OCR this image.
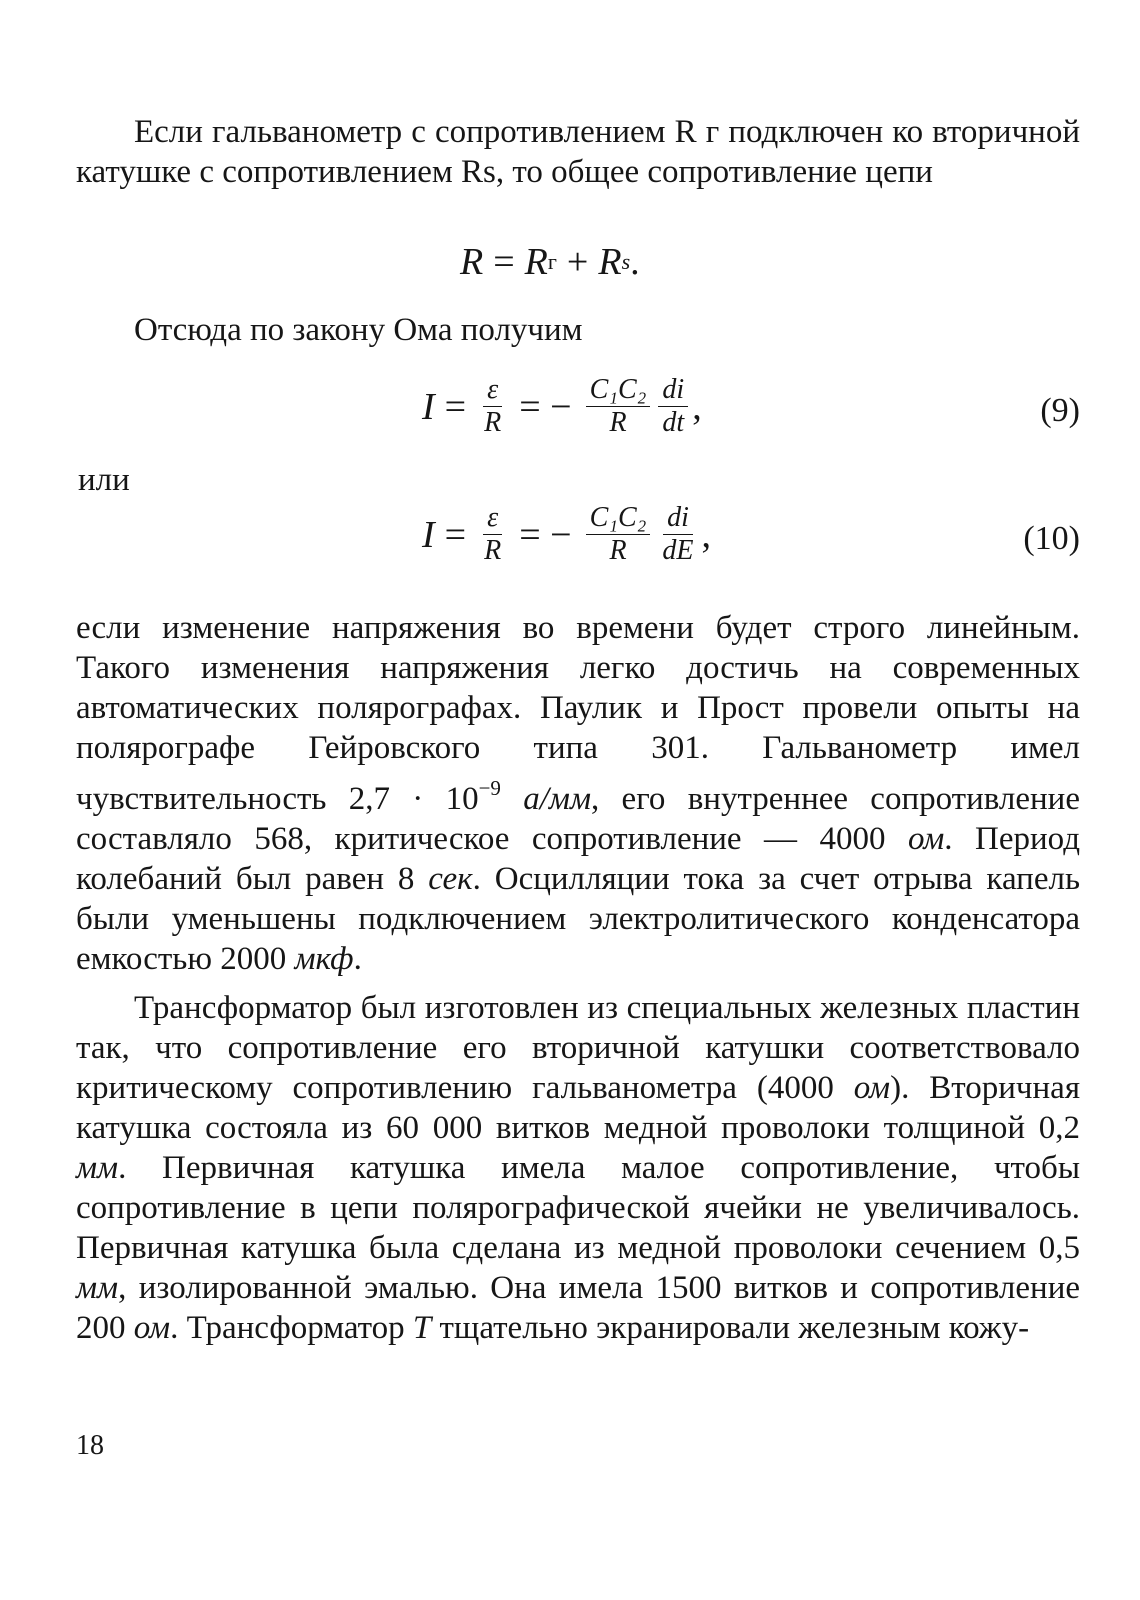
Если гальванометр с сопротивлением R г подключен ко вторичной катушке с сопротивлением Rs, то общее сопротивление цепи

R = R г + R s .

Отсюда по закону Ома получим

$I = \frac{\varepsilon}{R}$ = − $\frac{\text{C₁C₂}}{R} \frac{di}{dt}$ ,	(9)
или
$I = \frac{\varepsilon}{R}$ = − $\frac{\text{C₁C₂}}{R} \frac{di}{dE}$ ,	(10)

если изменение напряжения во времени будет строго линейным. Такого изменения напряжения легко достичь на современных автоматических полярографах. Паулик и Прост провели опыты на полярографе Гейровского типа 301. Гальванометр имел чувствительность $2,7 \cdot 10^{-9}$ а/мм, его внутреннее сопротивление составляло 568, критическое сопротивление — 4000 ом. Период колебаний был равен 8 сек. Осцилляции тока за счет отрыва капель были уменьшены подключением электролитического конденсатора емкостью 2000 мкф.

Трансформатор был изготовлен из специальных железных пластин так, что сопротивление его вторичной катушки соответствовало критическому сопротивлению гальванометра (4000 ом). Вторичная катушка состояла из 60 000 витков медной проволоки толщиной 0,2 мм. Первичная катушка имела малое сопротивление, чтобы сопротивление в цепи полярографической ячейки не увеличивалось. Первичная катушка была сделана из медной проволоки сечением 0,5 мм, изолированной эмалью. Она имела 1500 витков и сопротивление 200 ом. Трансформатор T тщательно экранировали железным кожу-

18
